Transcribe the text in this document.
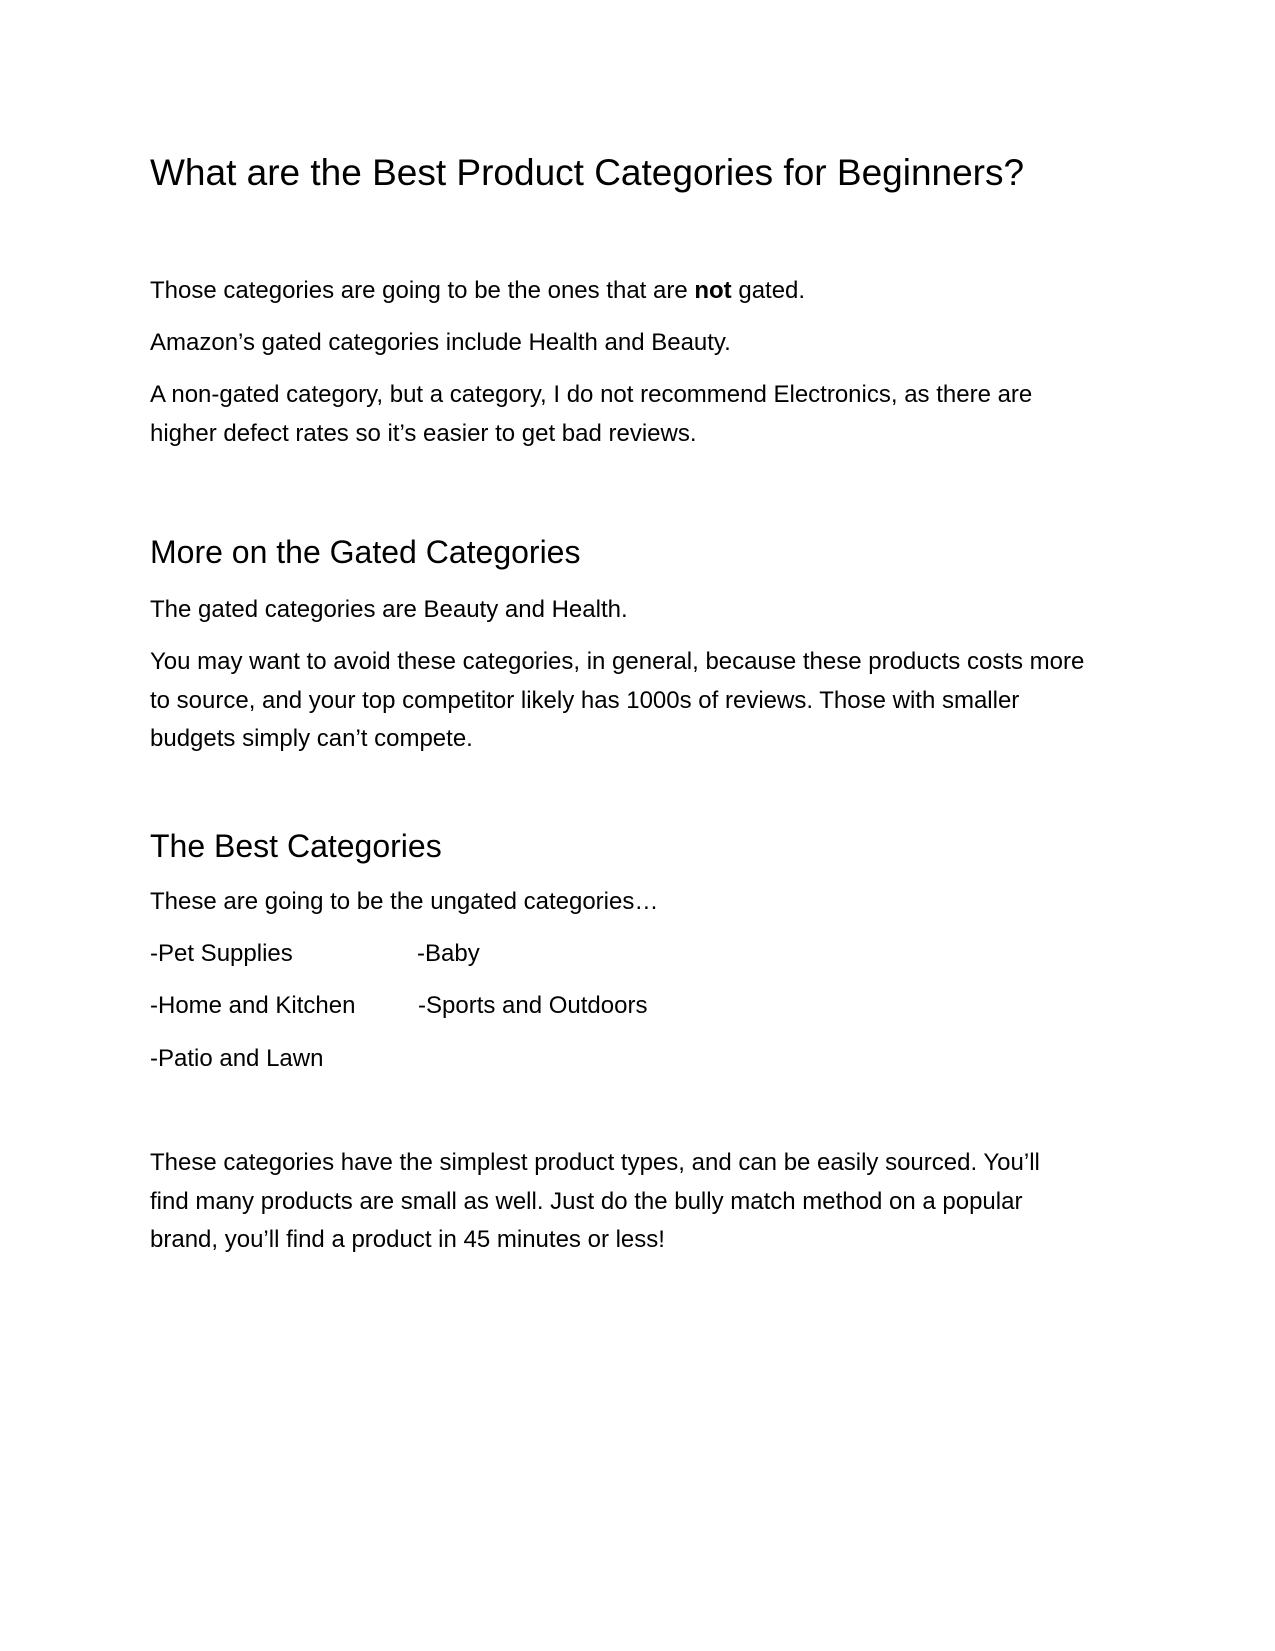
What are the Best Product Categories for Beginners?

Those categories are going to be the ones that are not gated.

Amazon’s gated categories include Health and Beauty.

A non-gated category, but a category, I do not recommend Electronics, as there are higher defect rates so it’s easier to get bad reviews.

More on the Gated Categories

The gated categories are Beauty and Health.

You may want to avoid these categories, in general, because these products costs more to source, and your top competitor likely has 1000s of reviews. Those with smaller budgets simply can’t compete.

The Best Categories

These are going to be the ungated categories…

-Pet Supplies	-Baby
-Home and Kitchen	-Sports and Outdoors
-Patio and Lawn

These categories have the simplest product types, and can be easily sourced. You’ll find many products are small as well. Just do the bully match method on a popular brand, you’ll find a product in 45 minutes or less!
